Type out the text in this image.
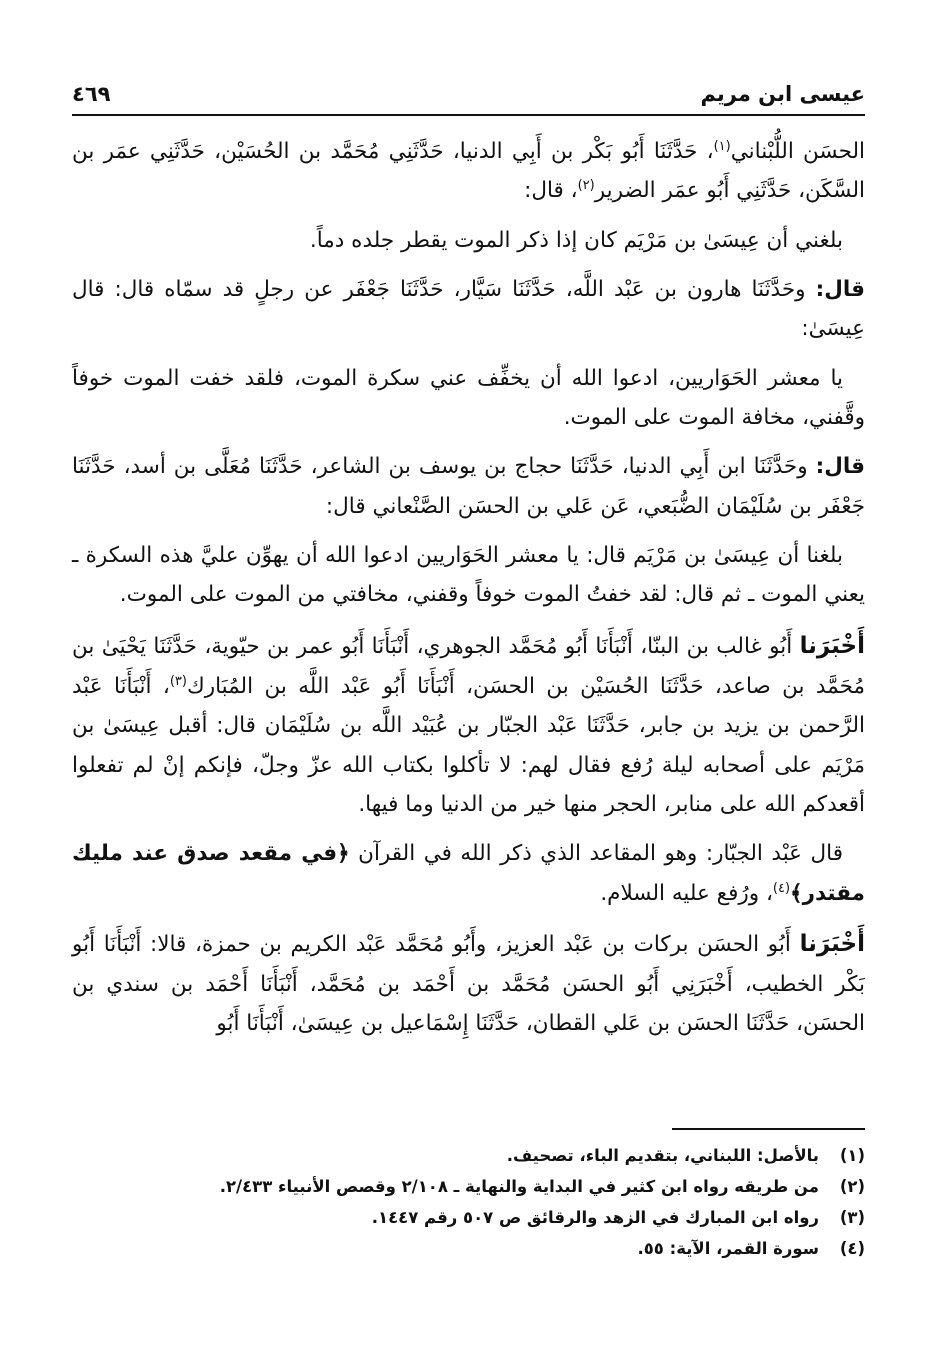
عيسى ابن مريم
٤٦٩

الحسَن اللُّبْناني$^{(١)}$، حَدَّثَنَا أَبُو بَكْر بن أَبِي الدنيا، حَدَّثَنِي مُحَمَّد بن الحُسَيْن، حَدَّثَنِي عمَر بن السَّكَن، حَدَّثَنِي أَبُو عمَر الضرير$^{(٢)}$، قال:

بلغني أن عِيسَىٰ بن مَرْيَم كان إذا ذكر الموت يقطر جلده دماً.

قال: وحَدَّثَنَا هارون بن عَبْد اللَّه، حَدَّثَنَا سَيَّار، حَدَّثَنَا جَعْفَر عن رجلٍ قد سمّاه قال: قال عِيسَىٰ:

يا معشر الحَوَاريين، ادعوا الله أن يخفِّف عني سكرة الموت، فلقد خفت الموت خوفاً وقَّفني، مخافة الموت على الموت.

قال: وحَدَّثَنَا ابن أَبِي الدنيا، حَدَّثَنَا حجاج بن يوسف بن الشاعر، حَدَّثَنَا مُعَلَّى بن أسد، حَدَّثَنَا جَعْفَر بن سُلَيْمَان الضُّبَعي، عَن عَلي بن الحسَن الصَّنْعاني قال:

بلغنا أن عِيسَىٰ بن مَرْيَم قال: يا معشر الحَوَاريين ادعوا الله أن يهوِّن عليَّ هذه السكرة ـ يعني الموت ـ ثم قال: لقد خفتُ الموت خوفاً وقفني، مخافتي من الموت على الموت.

أَخْبَرَنا أَبُو غالب بن البنّا، أَنْبَأَنَا أَبُو مُحَمَّد الجوهري، أَنْبَأَنَا أَبُو عمر بن حيّوية، حَدَّثَنَا يَحْيَىٰ بن مُحَمَّد بن صاعد، حَدَّثَنَا الحُسَيْن بن الحسَن، أَنْبَأَنَا أَبُو عَبْد اللَّه بن المُبَارك$^{(٣)}$، أَنْبَأَنَا عَبْد الرَّحمن بن يزيد بن جابر، حَدَّثَنَا عَبْد الجبّار بن عُبَيْد اللَّه بن سُلَيْمَان قال: أقبل عِيسَىٰ بن مَرْيَم على أصحابه ليلة رُفع فقال لهم: لا تأكلوا بكتاب الله عزّ وجلّ، فإنكم إنْ لم تفعلوا أقعدكم الله على منابر، الحجر منها خير من الدنيا وما فيها.

قال عَبْد الجبّار: وهو المقاعد الذي ذكر الله في القرآن ﴿في مقعد صدق عند مليك مقتدر﴾$^{(٤)}$، ورُفع عليه السلام.

أَخْبَرَنا أَبُو الحسَن بركات بن عَبْد العزيز، وأَبُو مُحَمَّد عَبْد الكريم بن حمزة، قالا: أَنْبَأَنَا أَبُو بَكْر الخطيب، أَخْبَرَنِي أَبُو الحسَن مُحَمَّد بن أَحْمَد بن مُحَمَّد، أَنْبَأَنَا أَحْمَد بن سندي بن الحسَن، حَدَّثَنَا الحسَن بن عَلي القطان، حَدَّثَنَا إِسْمَاعيل بن عِيسَىٰ، أَنْبَأَنَا أَبُو

(١)
بالأصل: اللبناني، بتقديم الباء، تصحيف.
(٢)
من طريقه رواه ابن كثير في البداية والنهاية ـ ٢/١٠٨ وقصص الأنبياء ٢/٤٣٣.
(٣)
رواه ابن المبارك في الزهد والرقائق ص ٥٠٧ رقم ١٤٤٧.
(٤)
سورة القمر، الآية: ٥٥.
